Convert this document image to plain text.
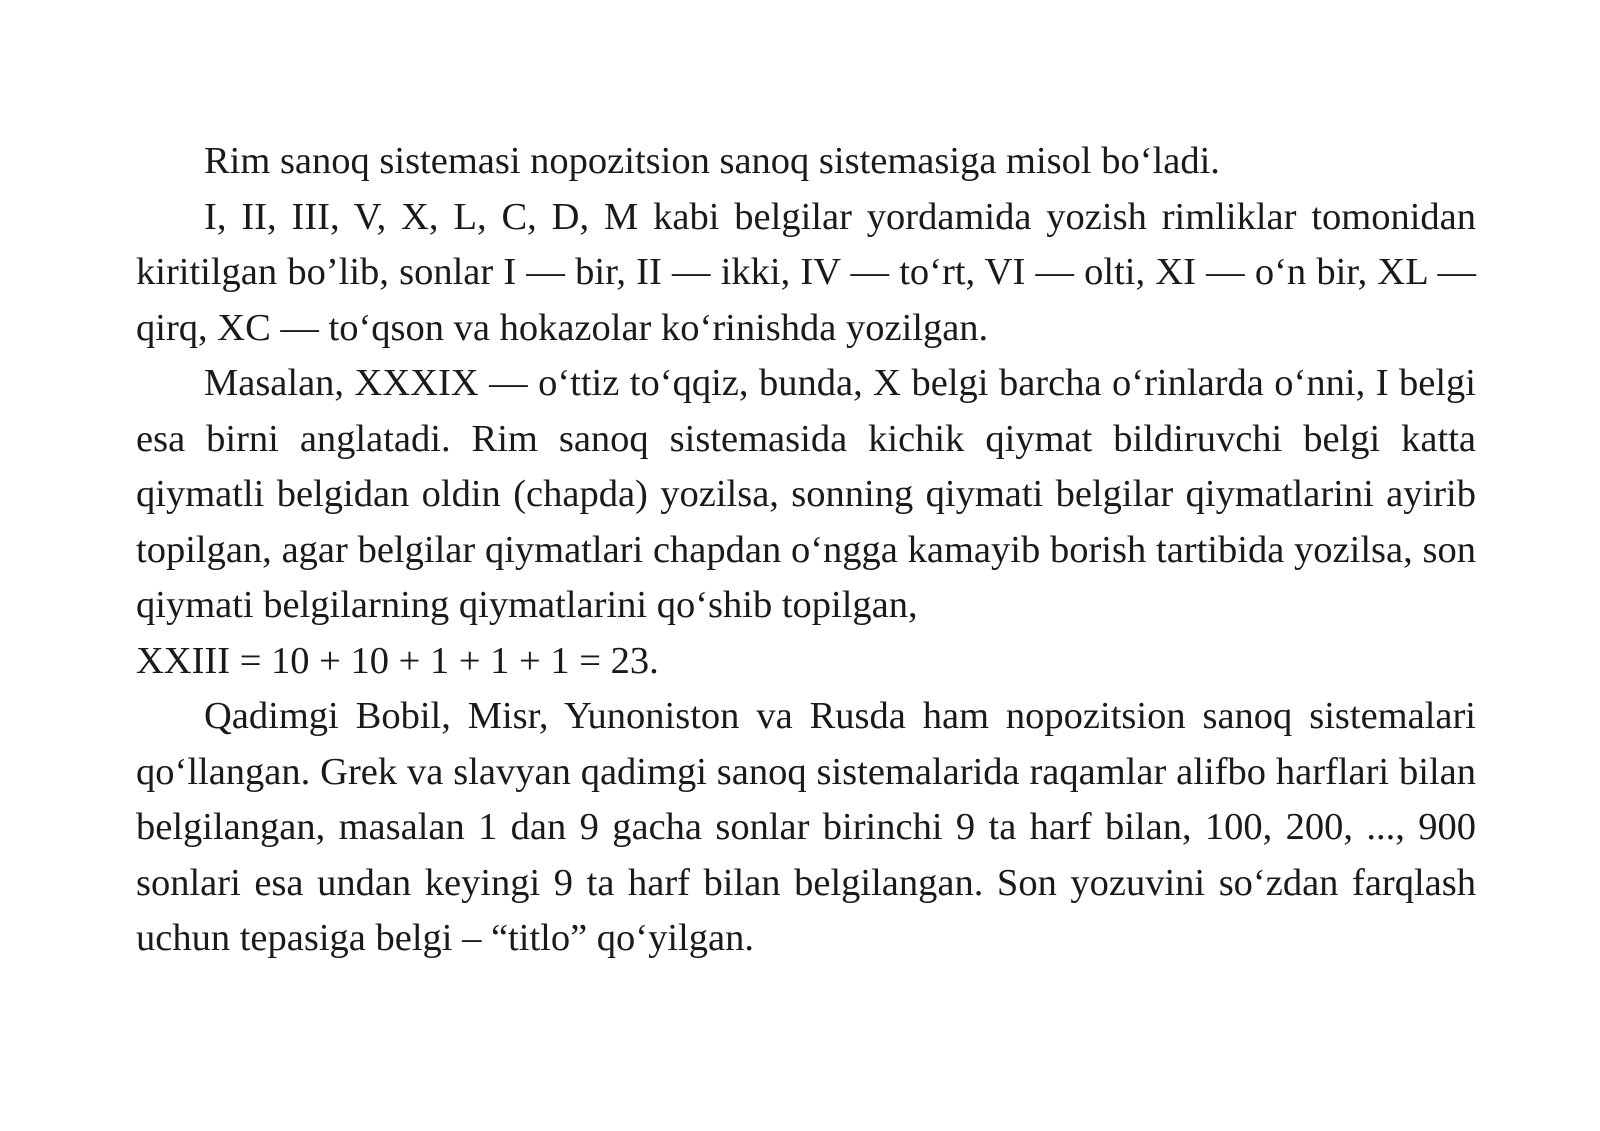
Rim sanoq sistemasi nopozitsion sanoq sistemasiga misol bo‘ladi.

I, II, III, V, X, L, C, D, M kabi belgilar yordamida yozish rimliklar tomonidan kiritilgan bo’lib, sonlar I — bir, II — ikki, IV — to‘rt, VI — olti, XI — o‘n bir, XL — qirq, XC — to‘qson va hokazolar ko‘rinishda yozilgan.

Masalan, XXXIX — o‘ttiz to‘qqiz, bunda, X belgi barcha o‘rinlarda o‘nni, I belgi esa birni anglatadi. Rim sanoq sistemasida kichik qiymat bildiruvchi belgi katta qiymatli belgidan oldin (chapda) yozilsa, sonning qiymati belgilar qiymatlarini ayirib topilgan, agar belgilar qiymatlari chapdan o‘ngga kamayib borish tartibida yozilsa, son qiymati belgilarning qiymatlarini qo‘shib topilgan,
XXIII = 10 + 10 + 1 + 1 + 1 = 23.

Qadimgi Bobil, Misr, Yunoniston va Rusda ham nopozitsion sanoq sistemalari qo‘llangan. Grek va slavyan qadimgi sanoq sistemalarida raqamlar alifbo harflari bilan belgilangan, masalan 1 dan 9 gacha sonlar birinchi 9 ta harf bilan, 100, 200, ..., 900 sonlari esa undan keyingi 9 ta harf bilan belgilangan. Son yozuvini so‘zdan farqlash uchun tepasiga belgi – “titlo” qo‘yilgan.
